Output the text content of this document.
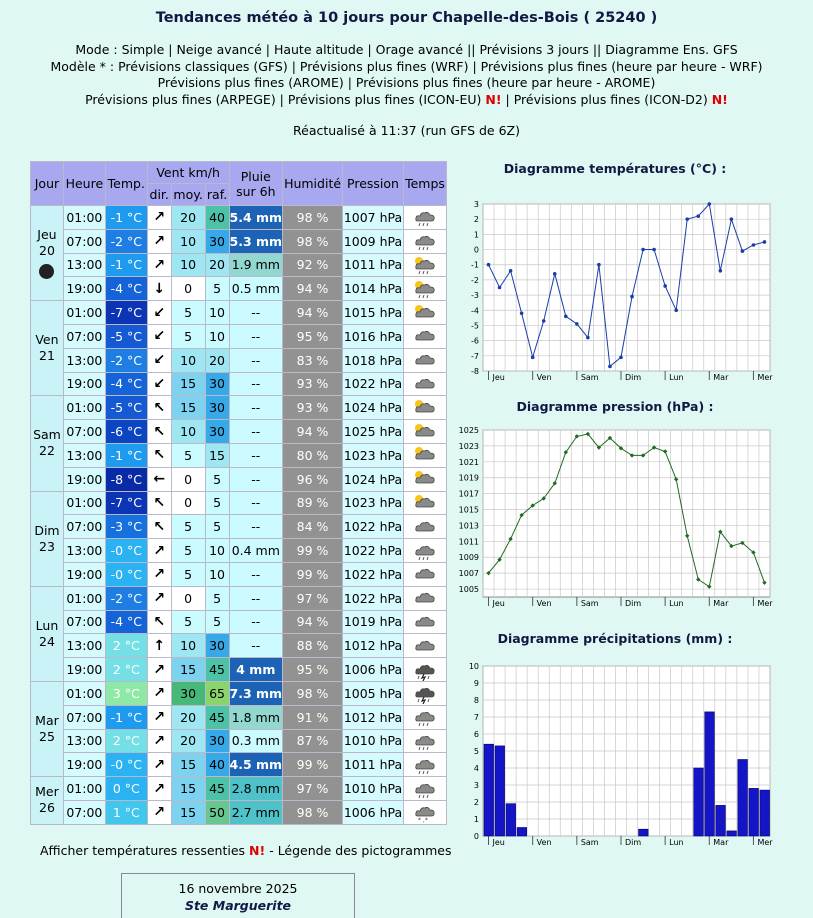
Tendances météo à 10 jours pour Chapelle-des-Bois ( 25240 )
Mode : Simple | Neige avancé | Haute altitude | Orage avancé || Prévisions 3 jours || Diagramme Ens. GFS
Modèle * : Prévisions classiques (GFS) | Prévisions plus fines (WRF) | Prévisions plus fines (heure par heure - WRF)
Prévisions plus fines (AROME) | Prévisions plus fines (heure par heure - AROME)
Prévisions plus fines (ARPEGE) | Prévisions plus fines (ICON-EU) N! | Prévisions plus fines (ICON-D2) N!
Réactualisé à 11:37 (run GFS de 6Z)
Jour	Heure	Temp.	Vent km/h			Pluie sur 6h	Humidité	Pression	Temps
			dir.	moy.	raf.				

Jeu
20	01:00	-1 °C	↗	20	40	5.4 mm	98 %	1007 hPa	
	07:00	-2 °C	↗	10	30	5.3 mm	98 %	1009 hPa	
	13:00	-1 °C	↗	10	20	1.9 mm	92 %	1011 hPa	
	19:00	-4 °C	↓	0	5	0.5 mm	94 %	1014 hPa	

Ven
21	01:00	-7 °C	↙	5	10	--	94 %	1015 hPa	
	07:00	-5 °C	↙	5	10	--	95 %	1016 hPa	
	13:00	-2 °C	↙	10	20	--	83 %	1018 hPa	
	19:00	-4 °C	↙	15	30	--	93 %	1022 hPa	

Sam
22	01:00	-5 °C	↖	15	30	--	93 %	1024 hPa	
	07:00	-6 °C	↖	10	30	--	94 %	1025 hPa	
	13:00	-1 °C	↖	5	15	--	80 %	1023 hPa	
	19:00	-8 °C	←	0	5	--	96 %	1024 hPa	

Dim
23	01:00	-7 °C	↖	0	5	--	89 %	1023 hPa	
	07:00	-3 °C	↖	5	5	--	84 %	1022 hPa	
	13:00	-0 °C	↗	5	10	0.4 mm	99 %	1022 hPa	
	19:00	-0 °C	↗	5	10	--	99 %	1022 hPa	

Lun
24	01:00	-2 °C	↗	0	5	--	97 %	1022 hPa	
	07:00	-4 °C	↖	5	5	--	94 %	1019 hPa	
	13:00	2 °C	↑	10	30	--	88 %	1012 hPa	
	19:00	2 °C	↗	15	45	4 mm	95 %	1006 hPa	

Mar
25	01:00	3 °C	↗	30	65	7.3 mm	98 %	1005 hPa	
	07:00	-1 °C	↗	20	45	1.8 mm	91 %	1012 hPa	
	13:00	2 °C	↗	20	30	0.3 mm	87 %	1010 hPa	
	19:00	-0 °C	↗	15	40	4.5 mm	99 %	1011 hPa	

Mer
26	01:00	0 °C	↗	15	45	2.8 mm	97 %	1010 hPa	
	07:00	1 °C	↗	15	50	2.7 mm	98 %	1006 hPa	* ,*
Diagramme températures (°C) :
3
2
1
0
-1
-2
-3
-4
-5
-6
-7
-8
Jeu	Ven	Sam	Dim	Lun	Mar	Mer
Diagramme pression (hPa) :
1025
1023
1021
1019
1017
1015
1013
1011
1009
1007
1005
Jeu	Ven	Sam	Dim	Lun	Mar	Mer
Diagramme précipitations (mm) :
10
9
8
7
6
5
4
3
2
1
0
Jeu	Ven	Sam	Dim	Lun	Mar	Mer
Afficher températures ressenties N! - Légende des pictogrammes
16 novembre 2025
Ste Marguerite
